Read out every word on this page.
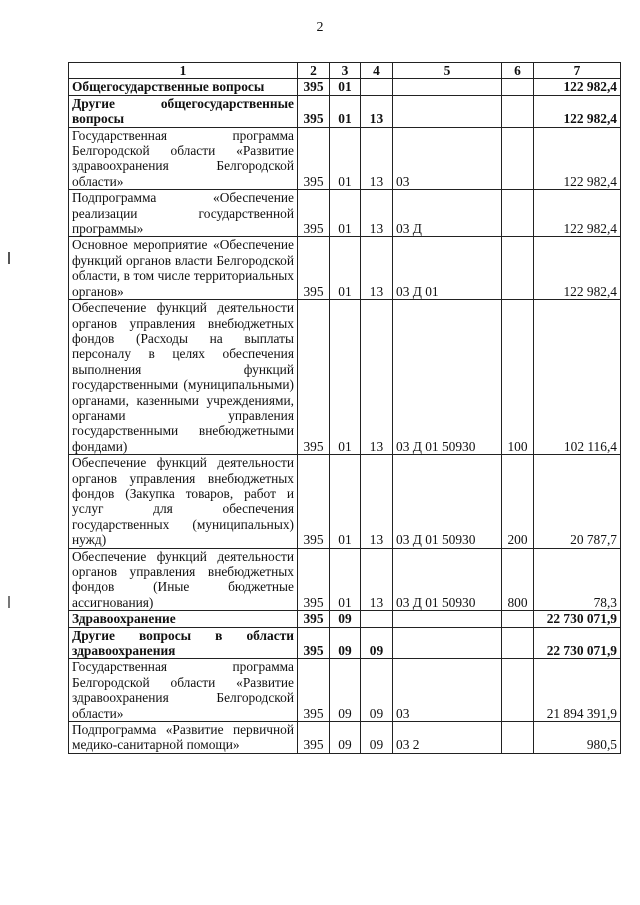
2
1	2	3	4	5	6	7
Общегосударственные вопросы	395	01				122 982,4
Другие общегосударственные вопросы	395	01	13			122 982,4
Государственная программа Белгородской области «Развитие здравоохранения Белгородской области»	395	01	13	03		122 982,4
Подпрограмма «Обеспечение реализации государственной программы»	395	01	13	03 Д		122 982,4
Основное мероприятие «Обеспечение функций органов власти Белгородской области, в том числе территориальных органов»	395	01	13	03 Д 01		122 982,4
Обеспечение функций деятельности органов управления внебюджетных фондов (Расходы на выплаты персоналу в целях обеспечения выполнения функций государственными (муниципальными) органами, казенными учреждениями, органами управления государственными внебюджетными фондами)	395	01	13	03 Д 01 50930	100	102 116,4
Обеспечение функций деятельности органов управления внебюджетных фондов (Закупка товаров, работ и услуг для обеспечения государственных (муниципальных) нужд)	395	01	13	03 Д 01 50930	200	20 787,7
Обеспечение функций деятельности органов управления внебюджетных фондов (Иные бюджетные ассигнования)	395	01	13	03 Д 01 50930	800	78,3
Здравоохранение	395	09				22 730 071,9
Другие вопросы в области здравоохранения	395	09	09			22 730 071,9
Государственная программа Белгородской области «Развитие здравоохранения Белгородской области»	395	09	09	03		21 894 391,9
Подпрограмма «Развитие первичной медико-санитарной помощи»	395	09	09	03 2		980,5
